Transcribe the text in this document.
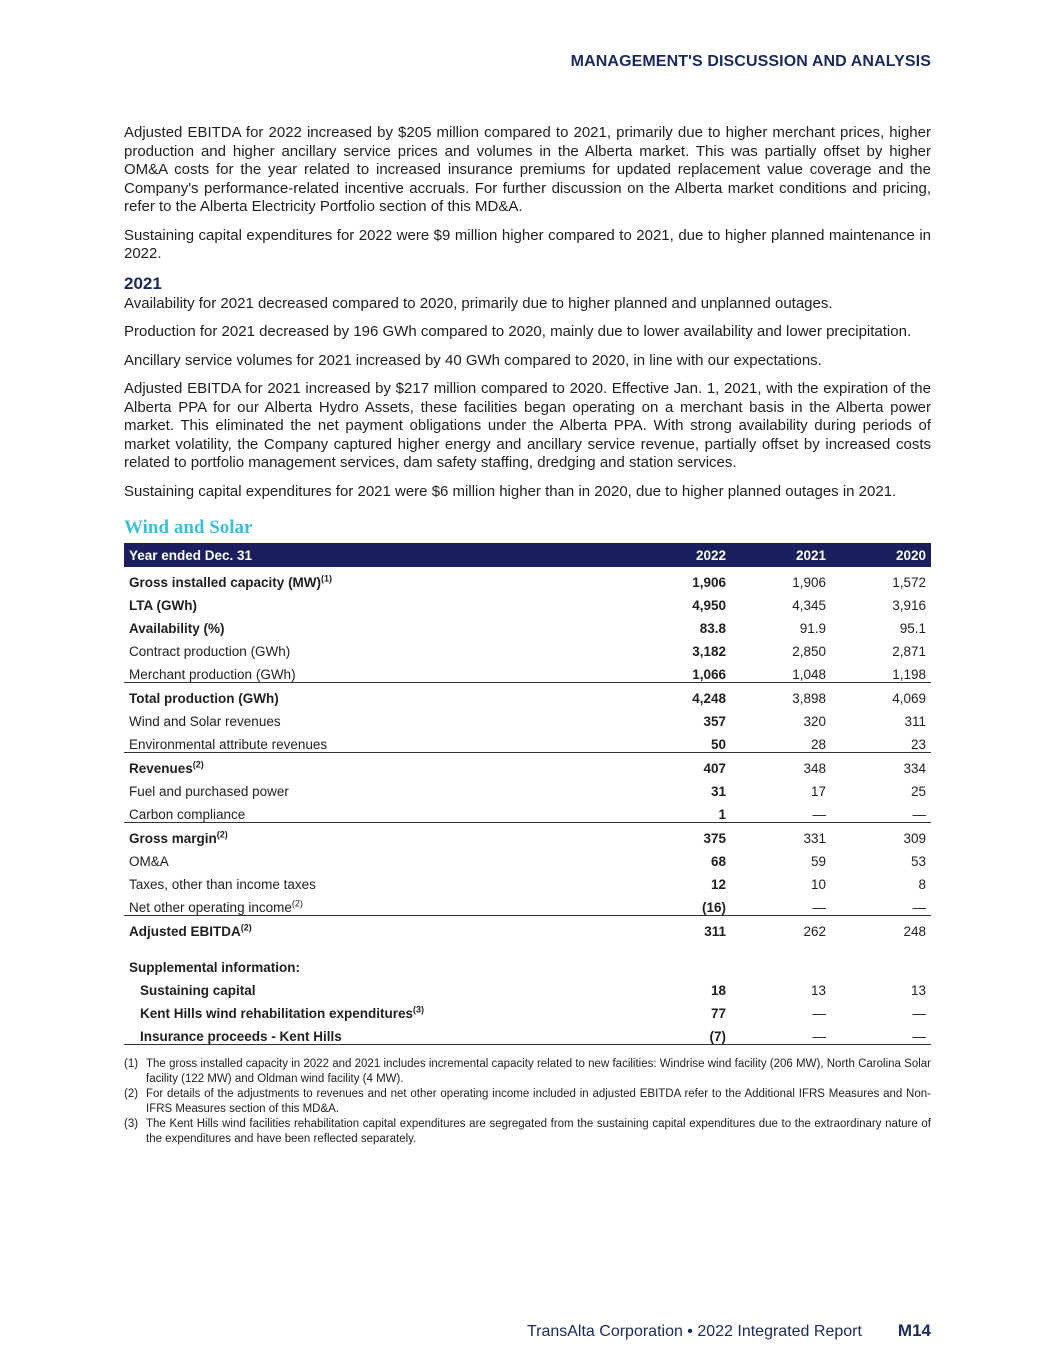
MANAGEMENT'S DISCUSSION AND ANALYSIS

Adjusted EBITDA for 2022 increased by $205 million compared to 2021, primarily due to higher merchant prices, higher production and higher ancillary service prices and volumes in the Alberta market. This was partially offset by higher OM&A costs for the year related to increased insurance premiums for updated replacement value coverage and the Company's performance-related incentive accruals. For further discussion on the Alberta market conditions and pricing, refer to the Alberta Electricity Portfolio section of this MD&A.

Sustaining capital expenditures for 2022 were $9 million higher compared to 2021, due to higher planned maintenance in 2022.

2021

Availability for 2021 decreased compared to 2020, primarily due to higher planned and unplanned outages.

Production for 2021 decreased by 196 GWh compared to 2020, mainly due to lower availability and lower precipitation.

Ancillary service volumes for 2021 increased by 40 GWh compared to 2020, in line with our expectations.

Adjusted EBITDA for 2021 increased by $217 million compared to 2020. Effective Jan. 1, 2021, with the expiration of the Alberta PPA for our Alberta Hydro Assets, these facilities began operating on a merchant basis in the Alberta power market. This eliminated the net payment obligations under the Alberta PPA. With strong availability during periods of market volatility, the Company captured higher energy and ancillary service revenue, partially offset by increased costs related to portfolio management services, dam safety staffing, dredging and station services.

Sustaining capital expenditures for 2021 were $6 million higher than in 2020, due to higher planned outages in 2021.

Wind and Solar
Year ended Dec. 31	2022	2021	2020
Gross installed capacity (MW)$^{(1)}$	1,906	1,906	1,572
LTA (GWh)	4,950	4,345	3,916
Availability (%)	83.8	91.9	95.1
Contract production (GWh)	3,182	2,850	2,871
Merchant production (GWh)	1,066	1,048	1,198
Total production (GWh)	4,248	3,898	4,069
Wind and Solar revenues	357	320	311
Environmental attribute revenues	50	28	23
Revenues$^{(2)}$	407	348	334
Fuel and purchased power	31	17	25
Carbon compliance	1	—	—
Gross margin$^{(2)}$	375	331	309
OM&A	68	59	53
Taxes, other than income taxes	12	10	8
Net other operating income$^{(2)}$	(16)	—	—
Adjusted EBITDA$^{(2)}$	311	262	248
Supplemental information:			
Sustaining capital	18	13	13
Kent Hills wind rehabilitation expenditures$^{(3)}$	77	—	—
Insurance proceeds - Kent Hills	(7)	—	—
(1) The gross installed capacity in 2022 and 2021 includes incremental capacity related to new facilities: Windrise wind facility (206 MW), North Carolina Solar facility (122 MW) and Oldman wind facility (4 MW).
(2) For details of the adjustments to revenues and net other operating income included in adjusted EBITDA refer to the Additional IFRS Measures and Non-IFRS Measures section of this MD&A.
(3) The Kent Hills wind facilities rehabilitation capital expenditures are segregated from the sustaining capital expenditures due to the extraordinary nature of the expenditures and have been reflected separately.
TransAlta Corporation • 2022 Integrated Report M14
